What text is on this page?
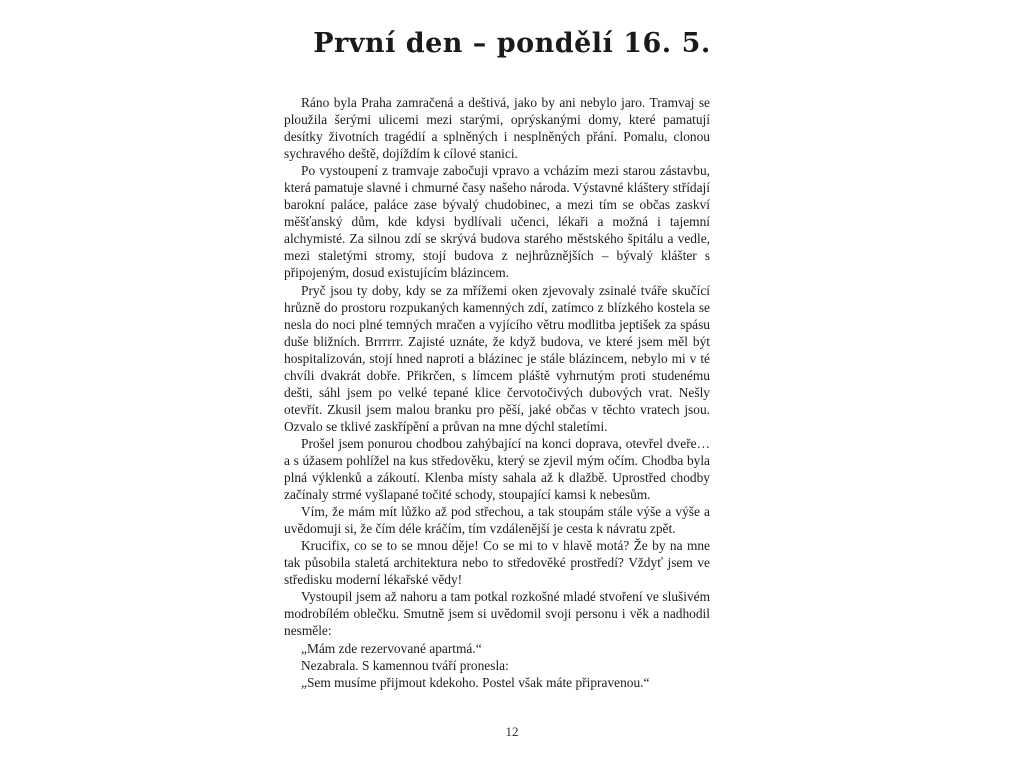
První den – pondělí 16. 5.

Ráno byla Praha zamračená a deštivá, jako by ani nebylo jaro. Tramvaj se ploužila šerými ulicemi mezi starými, oprýskanými domy, které pamatují desítky životních tragédií a splněných i nesplněných přání. Pomalu, clonou sychravého deště, dojíždím k cílové stanici.

Po vystoupení z tramvaje zabočuji vpravo a vcházím mezi starou zástavbu, která pamatuje slavné i chmurné časy našeho národa. Výstavné kláštery střídají barokní paláce, paláce zase bývalý chudobinec, a mezi tím se občas zaskví měšťanský dům, kde kdysi bydlívali učenci, lékaři a možná i tajemní alchymisté. Za silnou zdí se skrývá budova starého městského špitálu a vedle, mezi staletými stromy, stojí budova z nejhrůznějších – bývalý klášter s připojeným, dosud existujícím blázincem.

Pryč jsou ty doby, kdy se za mřížemi oken zjevovaly zsinalé tváře skučící hrůzně do prostoru rozpukaných kamenných zdí, zatímco z blízkého kostela se nesla do noci plné temných mračen a vyjícího větru modlitba jeptišek za spásu duše bližních. Brrrrrr. Zajisté uznáte, že když budova, ve které jsem měl být hospitalizován, stojí hned naproti a blázinec je stále blázincem, nebylo mi v té chvíli dvakrát dobře. Přikrčen, s límcem pláště vyhrnutým proti studenému dešti, sáhl jsem po velké tepané klice červotočivých dubových vrat. Nešly otevřít. Zkusil jsem malou branku pro pěší, jaké občas v těchto vratech jsou. Ozvalo se tklivé zaskřípění a průvan na mne dýchl staletími.

Prošel jsem ponurou chodbou zahýbající na konci doprava, otevřel dveře… a s úžasem pohlížel na kus středověku, který se zjevil mým očím. Chodba byla plná výklenků a zákoutí. Klenba místy sahala až k dlažbě. Uprostřed chodby začínaly strmé vyšlapané točité schody, stoupající kamsi k nebesům.

Vím, že mám mít lůžko až pod střechou, a tak stoupám stále výše a výše a uvědomuji si, že čím déle kráčím, tím vzdálenější je cesta k návratu zpět.

Krucifix, co se to se mnou děje! Co se mi to v hlavě motá? Že by na mne tak působila staletá architektura nebo to středověké prostředí? Vždyť jsem ve středisku moderní lékařské vědy!

Vystoupil jsem až nahoru a tam potkal rozkošné mladé stvoření ve slušivém modrobílém oblečku. Smutně jsem si uvědomil svoji personu i věk a nadhodil nesměle:

„Mám zde rezervované apartmá.“

Nezabrala. S kamennou tváří pronesla:

„Sem musíme přijmout kdekoho. Postel však máte připravenou.“

12
